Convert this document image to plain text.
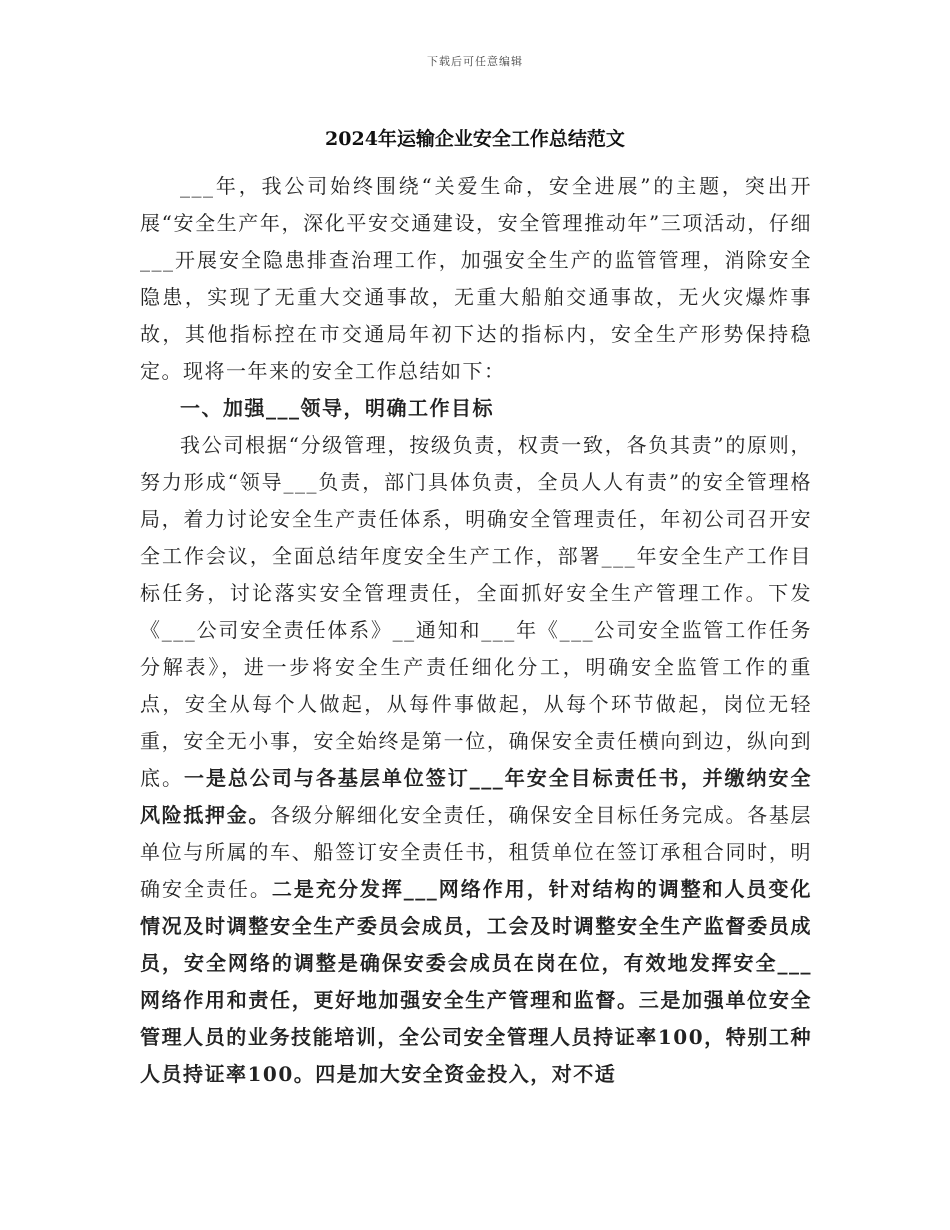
下载后可任意编辑
2024年运输企业安全工作总结范文

___年，我公司始终围绕“关爱生命，安全进展”的主题，突出开展“安全生产年，深化平安交通建设，安全管理推动年”三项活动，仔细___开展安全隐患排查治理工作，加强安全生产的监管管理，消除安全隐患，实现了无重大交通事故，无重大船舶交通事故，无火灾爆炸事故，其他指标控在市交通局年初下达的指标内，安全生产形势保持稳定。现将一年来的安全工作总结如下：

一、加强___领导，明确工作目标

我公司根据“分级管理，按级负责，权责一致，各负其责”的原则，努力形成“领导___负责，部门具体负责，全员人人有责”的安全管理格局，着力讨论安全生产责任体系，明确安全管理责任，年初公司召开安全工作会议，全面总结年度安全生产工作，部署___年安全生产工作目标任务，讨论落实安全管理责任，全面抓好安全生产管理工作。下发《___公司安全责任体系》__通知和___年《___公司安全监管工作任务分解表》，进一步将安全生产责任细化分工，明确安全监管工作的重点，安全从每个人做起，从每件事做起，从每个环节做起，岗位无轻重，安全无小事，安全始终是第一位，确保安全责任横向到边，纵向到底。一是总公司与各基层单位签订___年安全目标责任书，并缴纳安全风险抵押金。各级分解细化安全责任，确保安全目标任务完成。各基层单位与所属的车、船签订安全责任书，租赁单位在签订承租合同时，明确安全责任。二是充分发挥___网络作用，针对结构的调整和人员变化情况及时调整安全生产委员会成员，工会及时调整安全生产监督委员成员，安全网络的调整是确保安委会成员在岗在位，有效地发挥安全___网络作用和责任，更好地加强安全生产管理和监督。三是加强单位安全管理人员的业务技能培训，全公司安全管理人员持证率100，特别工种人员持证率100。四是加大安全资金投入，对不适
